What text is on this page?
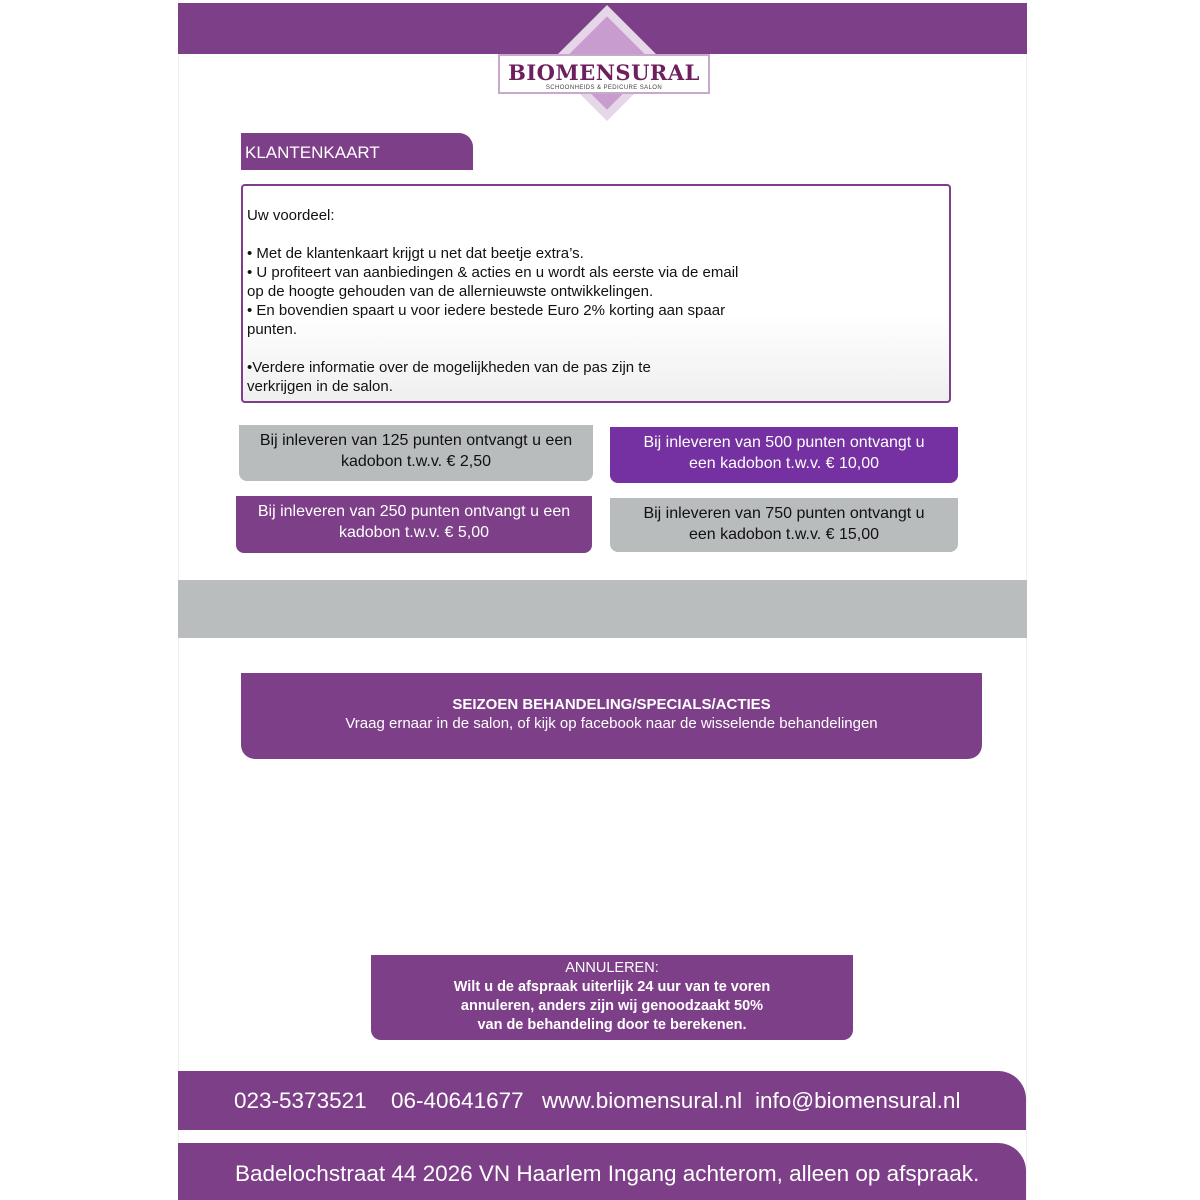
BIOMENSURAL
SCHOONHEIDS & PEDICURE SALON
KLANTENKAART

Uw voordeel:

• Met de klantenkaart krijgt u net dat beetje extra’s.
• U profiteert van aanbiedingen & acties en u wordt als eerste via de email
op de hoogte gehouden van de allernieuwste ontwikkelingen.
• En bovendien spaart u voor iedere bestede Euro 2% korting aan spaar
punten.

•Verdere informatie over de mogelijkheden van de pas zijn te
verkrijgen in de salon.

Bij inleveren van 125 punten ontvangt u een
kadobon t.w.v. € 2,50
Bij inleveren van 500 punten ontvangt u
een kadobon t.w.v. € 10,00
Bij inleveren van 250 punten ontvangt u een
kadobon t.w.v. € 5,00
Bij inleveren van 750 punten ontvangt u
een kadobon t.w.v. € 15,00
SEIZOEN BEHANDELING/SPECIALS/ACTIES
Vraag ernaar in de salon, of kijk op facebook naar de wisselende behandelingen
ANNULEREN:
Wilt u de afspraak uiterlijk 24 uur van te voren
annuleren, anders zijn wij genoodzaakt 50%
van de behandeling door te berekenen.
023-5373521 06-40641677 www.biomensural.nl info@biomensural.nl
Badelochstraat 44 2026 VN Haarlem Ingang achterom, alleen op afspraak.
